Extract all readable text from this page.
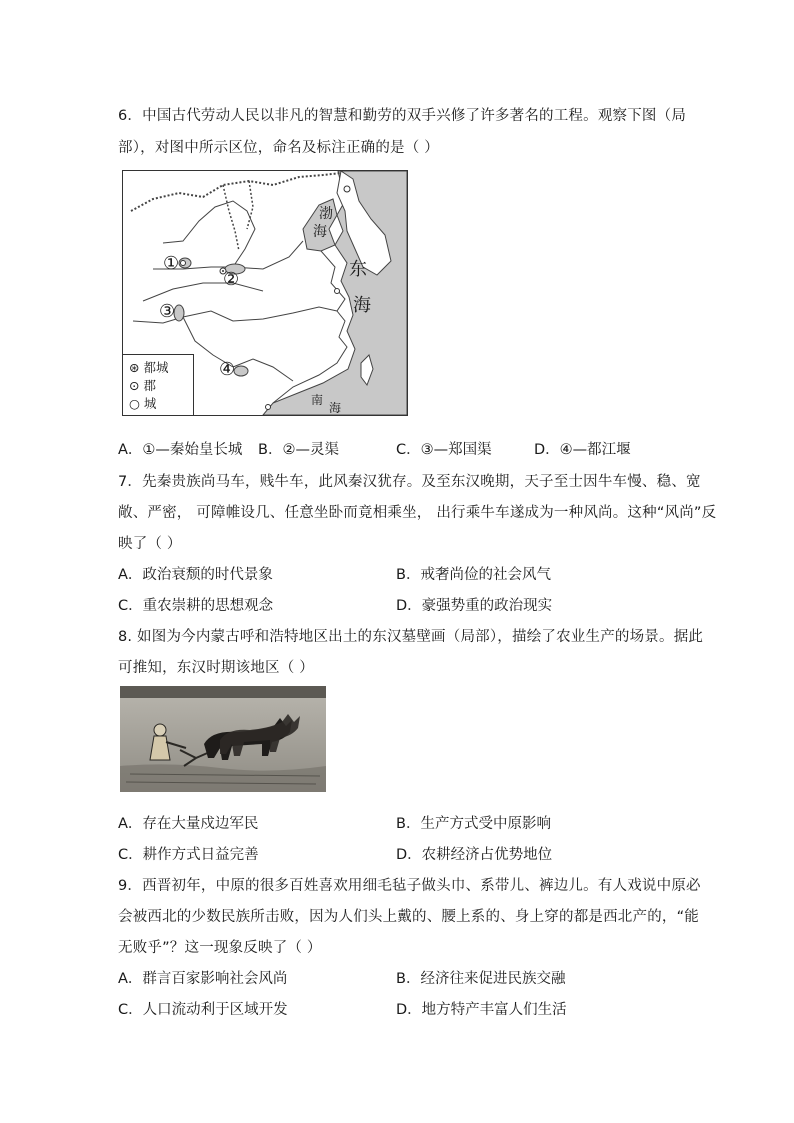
6．中国古代劳动人民以非凡的智慧和勤劳的双手兴修了许多著名的工程。观察下图（局
部），对图中所示区位，命名及标注正确的是（ ）
渤
海
东
海
南
海
①
②
③
④
⊛ 都城
⊙ 郡
○ 城
A．①—秦始皇长城 B．②—灵渠	C．③—郑国渠	D．④—都江堰
7．先秦贵族尚马车，贱牛车，此风秦汉犹存。及至东汉晚期，天子至士因牛车慢、稳、宽
敞、严密， 可障帷设几、任意坐卧而竟相乘坐， 出行乘牛车遂成为一种风尚。这种“风尚”反
映了（ ）
A．政治衰颓的时代景象	B．戒奢尚俭的社会风气
C．重农崇耕的思想观念	D．豪强势重的政治现实
8. 如图为今内蒙古呼和浩特地区出土的东汉墓壁画（局部），描绘了农业生产的场景。据此
可推知，东汉时期该地区（ ）
A．存在大量戍边军民	B．生产方式受中原影响
C．耕作方式日益完善	D．农耕经济占优势地位
9．西晋初年，中原的很多百姓喜欢用细毛毡子做头巾、系带儿、裤边儿。有人戏说中原必
会被西北的少数民族所击败，因为人们头上戴的、腰上系的、身上穿的都是西北产的，“能
无败乎”？这一现象反映了（ ）
A．群言百家影响社会风尚	B．经济往来促进民族交融
C．人口流动利于区域开发	D．地方特产丰富人们生活
